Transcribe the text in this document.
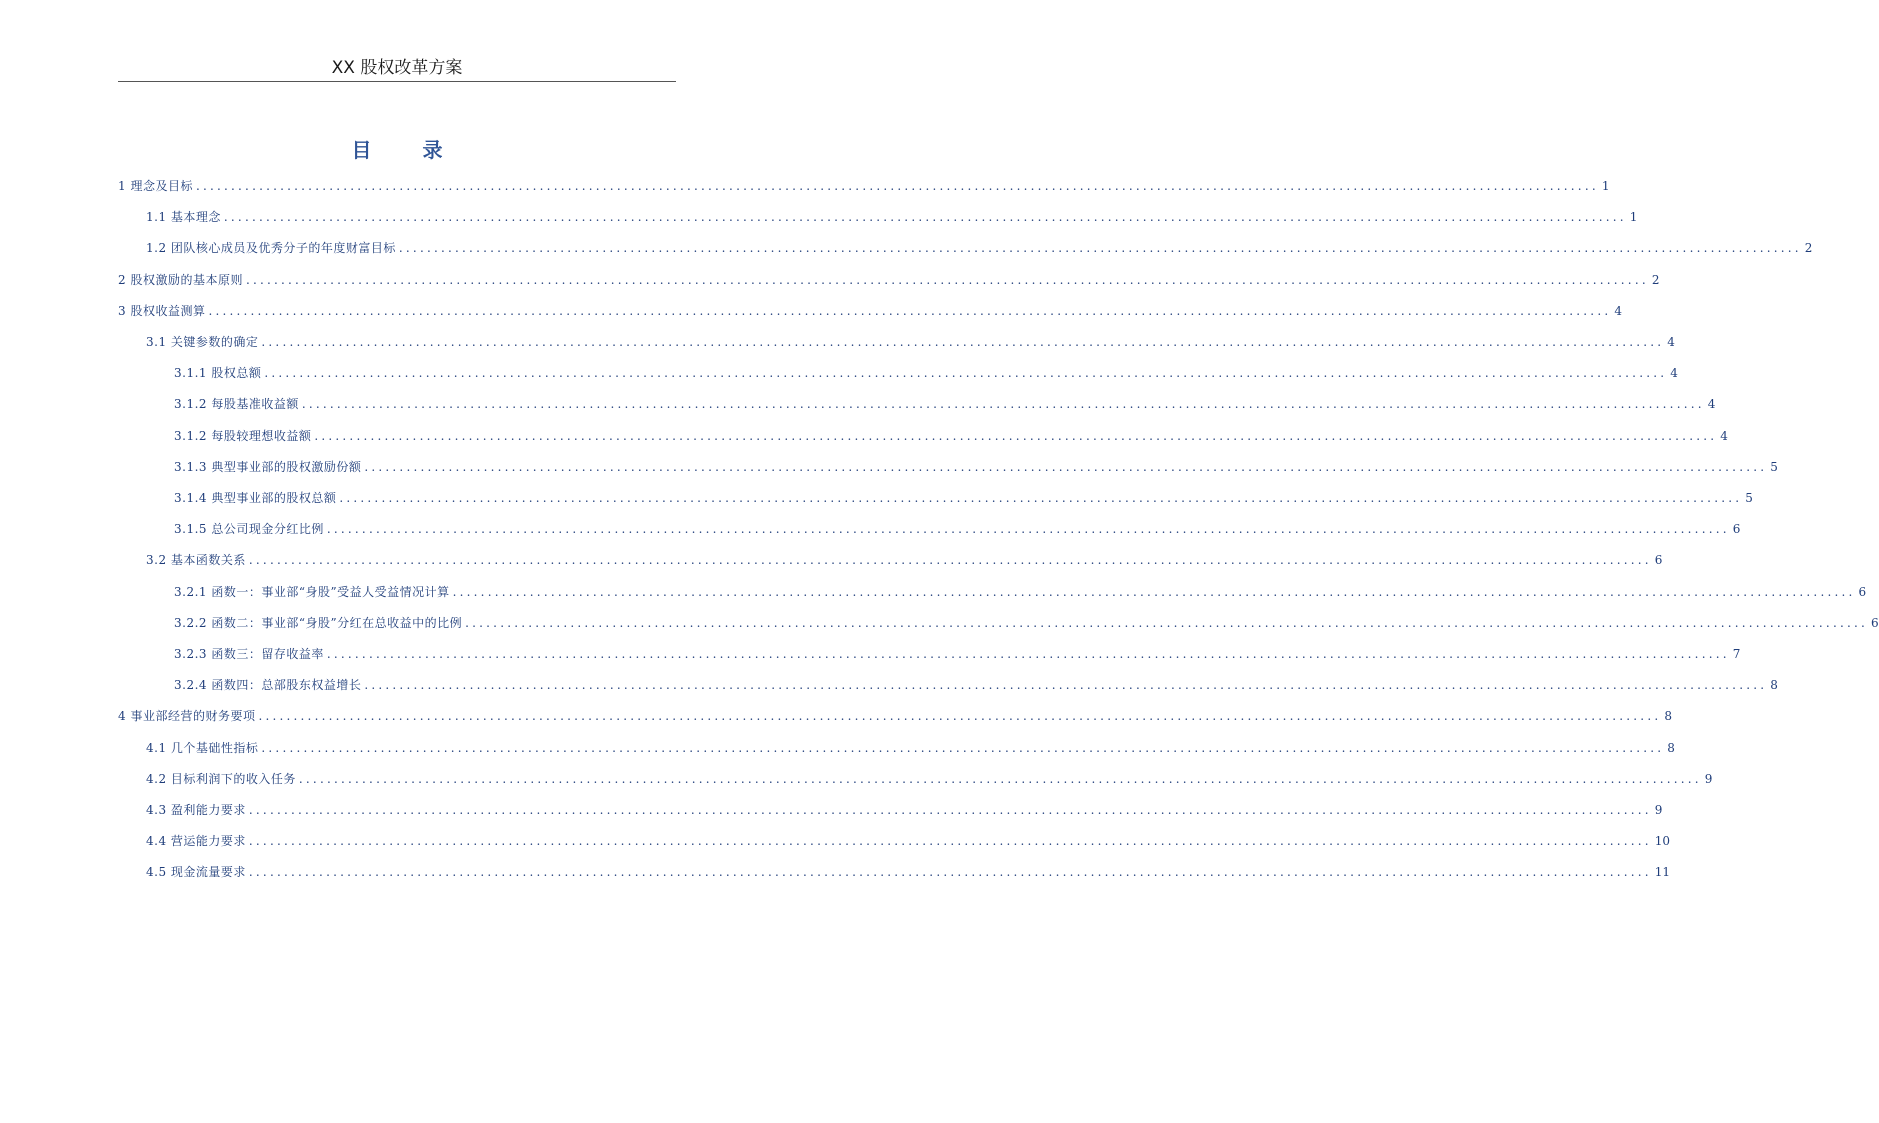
XX 股权改革方案
目 录
1 理念及目标 ........................................................................................................................................................................................................ 1
1.1 基本理念 ........................................................................................................................................................................................................ 1
1.2 团队核心成员及优秀分子的年度财富目标 ........................................................................................................................................................................................................ 2
2 股权激励的基本原则 ........................................................................................................................................................................................................ 2
3 股权收益测算 ........................................................................................................................................................................................................ 4
3.1 关键参数的确定 ........................................................................................................................................................................................................ 4
3.1.1 股权总额 ........................................................................................................................................................................................................ 4
3.1.2 每股基准收益额 ........................................................................................................................................................................................................ 4
3.1.2 每股较理想收益额 ........................................................................................................................................................................................................ 4
3.1.3 典型事业部的股权激励份额 ........................................................................................................................................................................................................ 5
3.1.4 典型事业部的股权总额 ........................................................................................................................................................................................................ 5
3.1.5 总公司现金分红比例 ........................................................................................................................................................................................................ 6
3.2 基本函数关系 ........................................................................................................................................................................................................ 6
3.2.1 函数一：事业部“身股”受益人受益情况计算 ........................................................................................................................................................................................................ 6
3.2.2 函数二：事业部“身股”分红在总收益中的比例 ........................................................................................................................................................................................................ 6
3.2.3 函数三：留存收益率 ........................................................................................................................................................................................................ 7
3.2.4 函数四：总部股东权益增长 ........................................................................................................................................................................................................ 8
4 事业部经营的财务要项 ........................................................................................................................................................................................................ 8
4.1 几个基础性指标 ........................................................................................................................................................................................................ 8
4.2 目标利润下的收入任务 ........................................................................................................................................................................................................ 9
4.3 盈利能力要求 ........................................................................................................................................................................................................ 9
4.4 营运能力要求 ........................................................................................................................................................................................................ 10
4.5 现金流量要求 ........................................................................................................................................................................................................ 11
